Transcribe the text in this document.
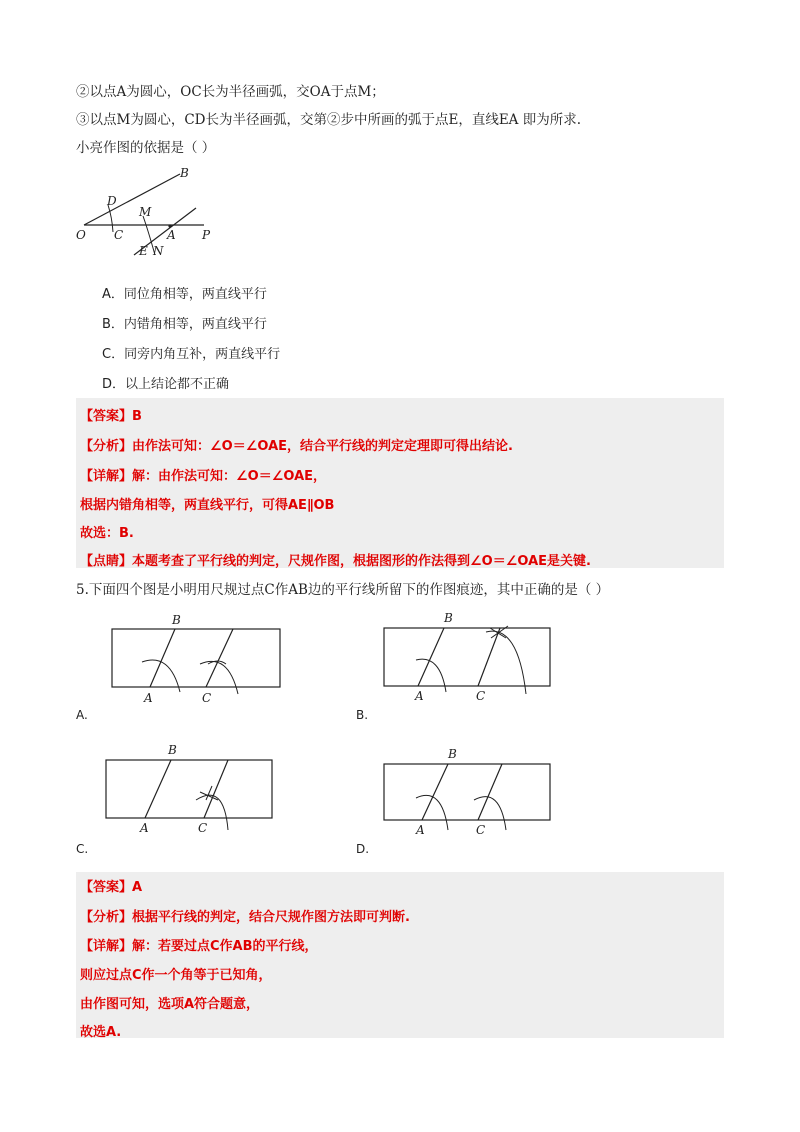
②以点A为圆心，OC长为半径画弧，交OA于点M；
③以点M为圆心，CD长为半径画弧，交第②步中所画的弧于点E，直线EA 即为所求.
小亮作图的依据是（ ）
B
D
M
O C	A P
E N
A．同位角相等，两直线平行
B．内错角相等，两直线平行
C．同旁内角互补，两直线平行
D．以上结论都不正确
【答案】B
【分析】由作法可知：∠O＝∠OAE，结合平行线的判定定理即可得出结论.
【详解】解：由作法可知：∠O＝∠OAE，
根据内错角相等，两直线平行，可得AE∥OB
故选：B.
【点睛】本题考查了平行线的判定，尺规作图，根据图形的作法得到∠O＝∠OAE是关键.
5.下面四个图是小明用尺规过点C作AB边的平行线所留下的作图痕迹，其中正确的是（ ）
B
A	C
A.
B
A	C
B.
B
A	C
C.
B
A	C
D.
【答案】A
【分析】根据平行线的判定，结合尺规作图方法即可判断.
【详解】解：若要过点C作AB的平行线，
则应过点C作一个角等于已知角，
由作图可知，选项A符合题意，
故选A.
